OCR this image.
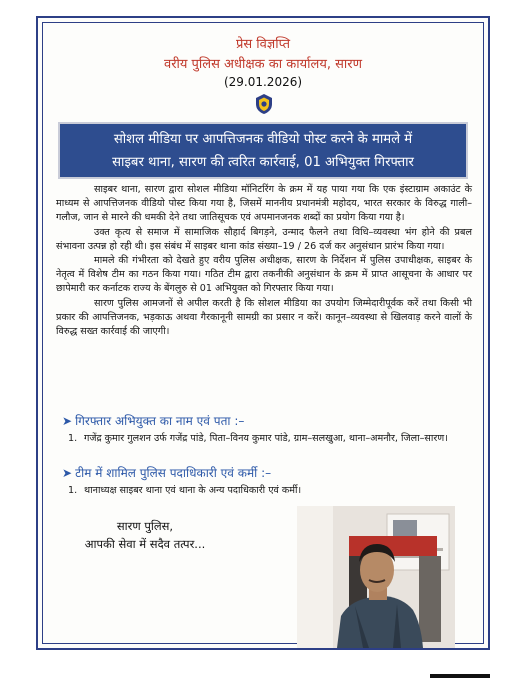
प्रेस विज्ञप्ति
वरीय पुलिस अधीक्षक का कार्यालय, सारण
(29.01.2026)
सोशल मीडिया पर आपत्तिजनक वीडियो पोस्ट करने के मामले में
साइबर थाना, सारण की त्वरित कार्रवाई, 01 अभियुक्त गिरफ्तार

साइबर थाना, सारण द्वारा सोशल मीडिया मॉनिटरिंग के क्रम में यह पाया गया कि एक इंस्टाग्राम अकाउंट के माध्यम से आपत्तिजनक वीडियो पोस्ट किया गया है, जिसमें माननीय प्रधानमंत्री महोदय, भारत सरकार के विरुद्ध गाली–गलौज, जान से मारने की धमकी देने तथा जातिसूचक एवं अपमानजनक शब्दों का प्रयोग किया गया है।

उक्त कृत्य से समाज में सामाजिक सौहार्द बिगड़ने, उन्माद फैलने तथा विधि–व्यवस्था भंग होने की प्रबल संभावना उत्पन्न हो रही थी। इस संबंध में साइबर थाना कांड संख्या–19 / 26 दर्ज कर अनुसंधान प्रारंभ किया गया।

मामले की गंभीरता को देखते हुए वरीय पुलिस अधीक्षक, सारण के निर्देशन में पुलिस उपाधीक्षक, साइबर के नेतृत्व में विशेष टीम का गठन किया गया। गठित टीम द्वारा तकनीकी अनुसंधान के क्रम में प्राप्त आसूचना के आधार पर छापेमारी कर कर्नाटक राज्य के बेंगलुरु से 01 अभियुक्त को गिरफ्तार किया गया।

सारण पुलिस आमजनों से अपील करती है कि सोशल मीडिया का उपयोग जिम्मेदारीपूर्वक करें तथा किसी भी प्रकार की आपत्तिजनक, भड़काऊ अथवा गैरकानूनी सामग्री का प्रसार न करें। कानून–व्यवस्था से खिलवाड़ करने वालों के विरुद्ध सख्त कार्रवाई की जाएगी।

➤ गिरफ्तार अभियुक्त का नाम एवं पता :–
1. गजेंद्र कुमार गुलशन उर्फ गजेंद्र पांडे, पिता–विनय कुमार पांडे, ग्राम–सलखुआ, थाना–अमनौर, जिला–सारण।
➤ टीम में शामिल पुलिस पदाधिकारी एवं कर्मी :–
1. थानाध्यक्ष साइबर थाना एवं थाना के अन्य पदाधिकारी एवं कर्मी।
सारण पुलिस,
आपकी सेवा में सदैव तत्पर...
